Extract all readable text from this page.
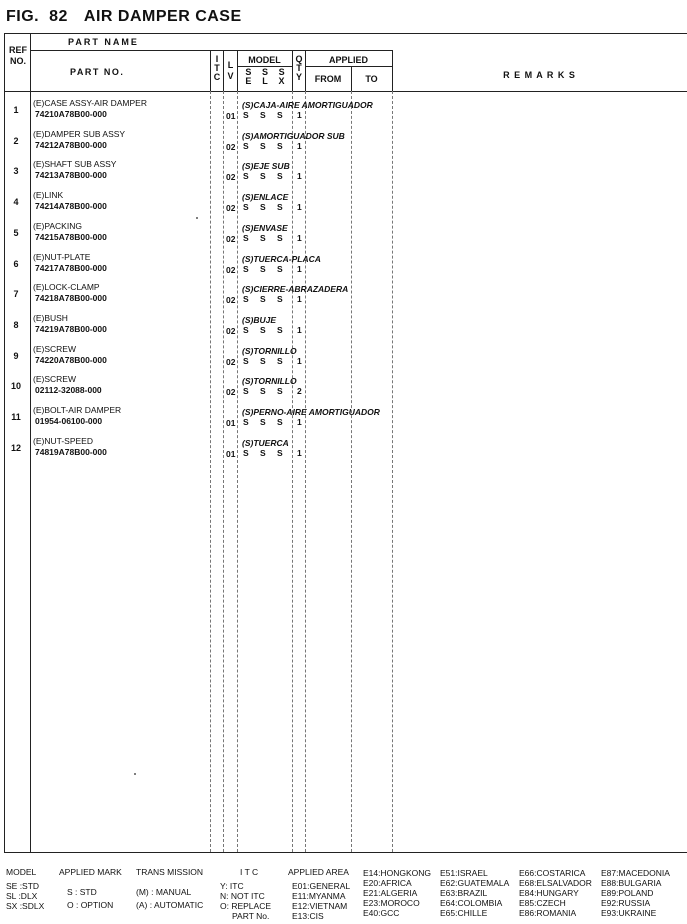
FIG. 82 AIR DAMPER CASE
REF
NO.
PART NAME
PART NO.
I
T
C
L
V
MODEL
S S S
E L X
Q
T
Y
APPLIED
FROM	TO	R E M A R K S
1
(E)CASE ASSY-AIR DAMPER
74210A78B00-000
(S)CAJA-AIRE AMORTIGUADOR
01 S S S 1
2
(E)DAMPER SUB ASSY
74212A78B00-000
(S)AMORTIGUADOR SUB
02 S S S 1
3
(E)SHAFT SUB ASSY
74213A78B00-000
(S)EJE SUB
02 S S S 1
4
(E)LINK
74214A78B00-000
(S)ENLACE
02 S S S 1
5
(E)PACKING
74215A78B00-000
(S)ENVASE
02 S S S 1
6
(E)NUT-PLATE
74217A78B00-000
(S)TUERCA-PLACA
02 S S S 1
7
(E)LOCK-CLAMP
74218A78B00-000
(S)CIERRE-ABRAZADERA
02 S S S 1
8
(E)BUSH
74219A78B00-000
(S)BUJE
02 S S S 1
9
(E)SCREW
74220A78B00-000
(S)TORNILLO
02 S S S 1
10
(E)SCREW
02112-32088-000
(S)TORNILLO
02 S S S 2
11
(E)BOLT-AIR DAMPER
01954-06100-000
(S)PERNO-AIRE AMORTIGUADOR
01 S S S 1
12
(E)NUT-SPEED
74819A78B00-000
(S)TUERCA
01 S S S 1
MODEL
SE :STD
SL :DLX
SX :SDLX
APPLIED MARK
S : STD
O : OPTION
TRANS MISSION
(M) : MANUAL
(A) : AUTOMATIC
I T C
Y: ITC
N: NOT ITC
O: REPLACE
PART No.
APPLIED AREA
E01:GENERAL
E11:MYANMA
E12:VIETNAM
E13:CIS
E14:HONGKONG
E20:AFRICA
E21:ALGERIA
E23:MOROCO
E40:GCC
E51:ISRAEL
E62:GUATEMALA
E63:BRAZIL
E64:COLOMBIA
E65:CHILLE
E66:COSTARICA
E68:ELSALVADOR
E84:HUNGARY
E85:CZECH
E86:ROMANIA
E87:MACEDONIA
E88:BULGARIA
E89:POLAND
E92:RUSSIA
E93:UKRAINE
